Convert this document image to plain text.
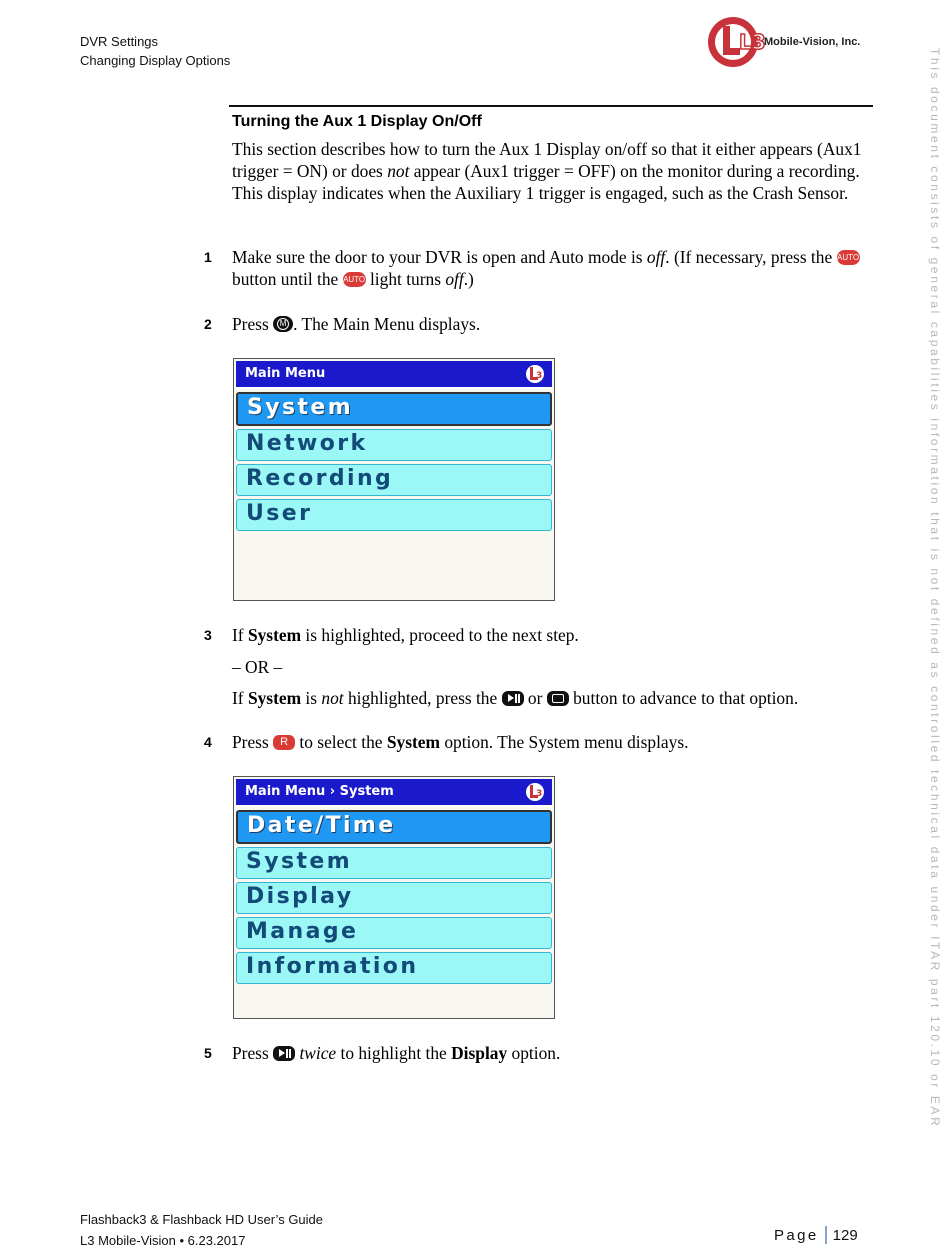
DVR Settings
Changing Display Options
L3
Mobile-Vision, Inc.
This document consists of general capabilities information that is not defined as controlled technical data under ITAR part 120.10 or EAR
Turning the Aux 1 Display On/Off
This section describes how to turn the Aux 1 Display on/off so that it either appears (Aux1 trigger = ON) or does not appear (Aux1 trigger = OFF) on the monitor during a recording. This display indicates when the Auxiliary 1 trigger is engaged, such as the Crash Sensor.
1 Make sure the door to your DVR is open and Auto mode is off. (If necessary, press the AUTO button until the AUTO light turns off.)
2 Press M . The Main Menu displays.
Main Menu	3
System
Network
Recording
User
3 If System is highlighted, proceed to the next step.
– OR –
If System is not highlighted, press the  or  button to advance to that option.
4 Press R to select the System option. The System menu displays.
Main Menu › System	3
Date/Time
System
Display
Manage
Information
5 Press  twice to highlight the Display option.
Flashback3 & Flashback HD User’s Guide
L3 Mobile-Vision • 6.23.2017	Page 129
